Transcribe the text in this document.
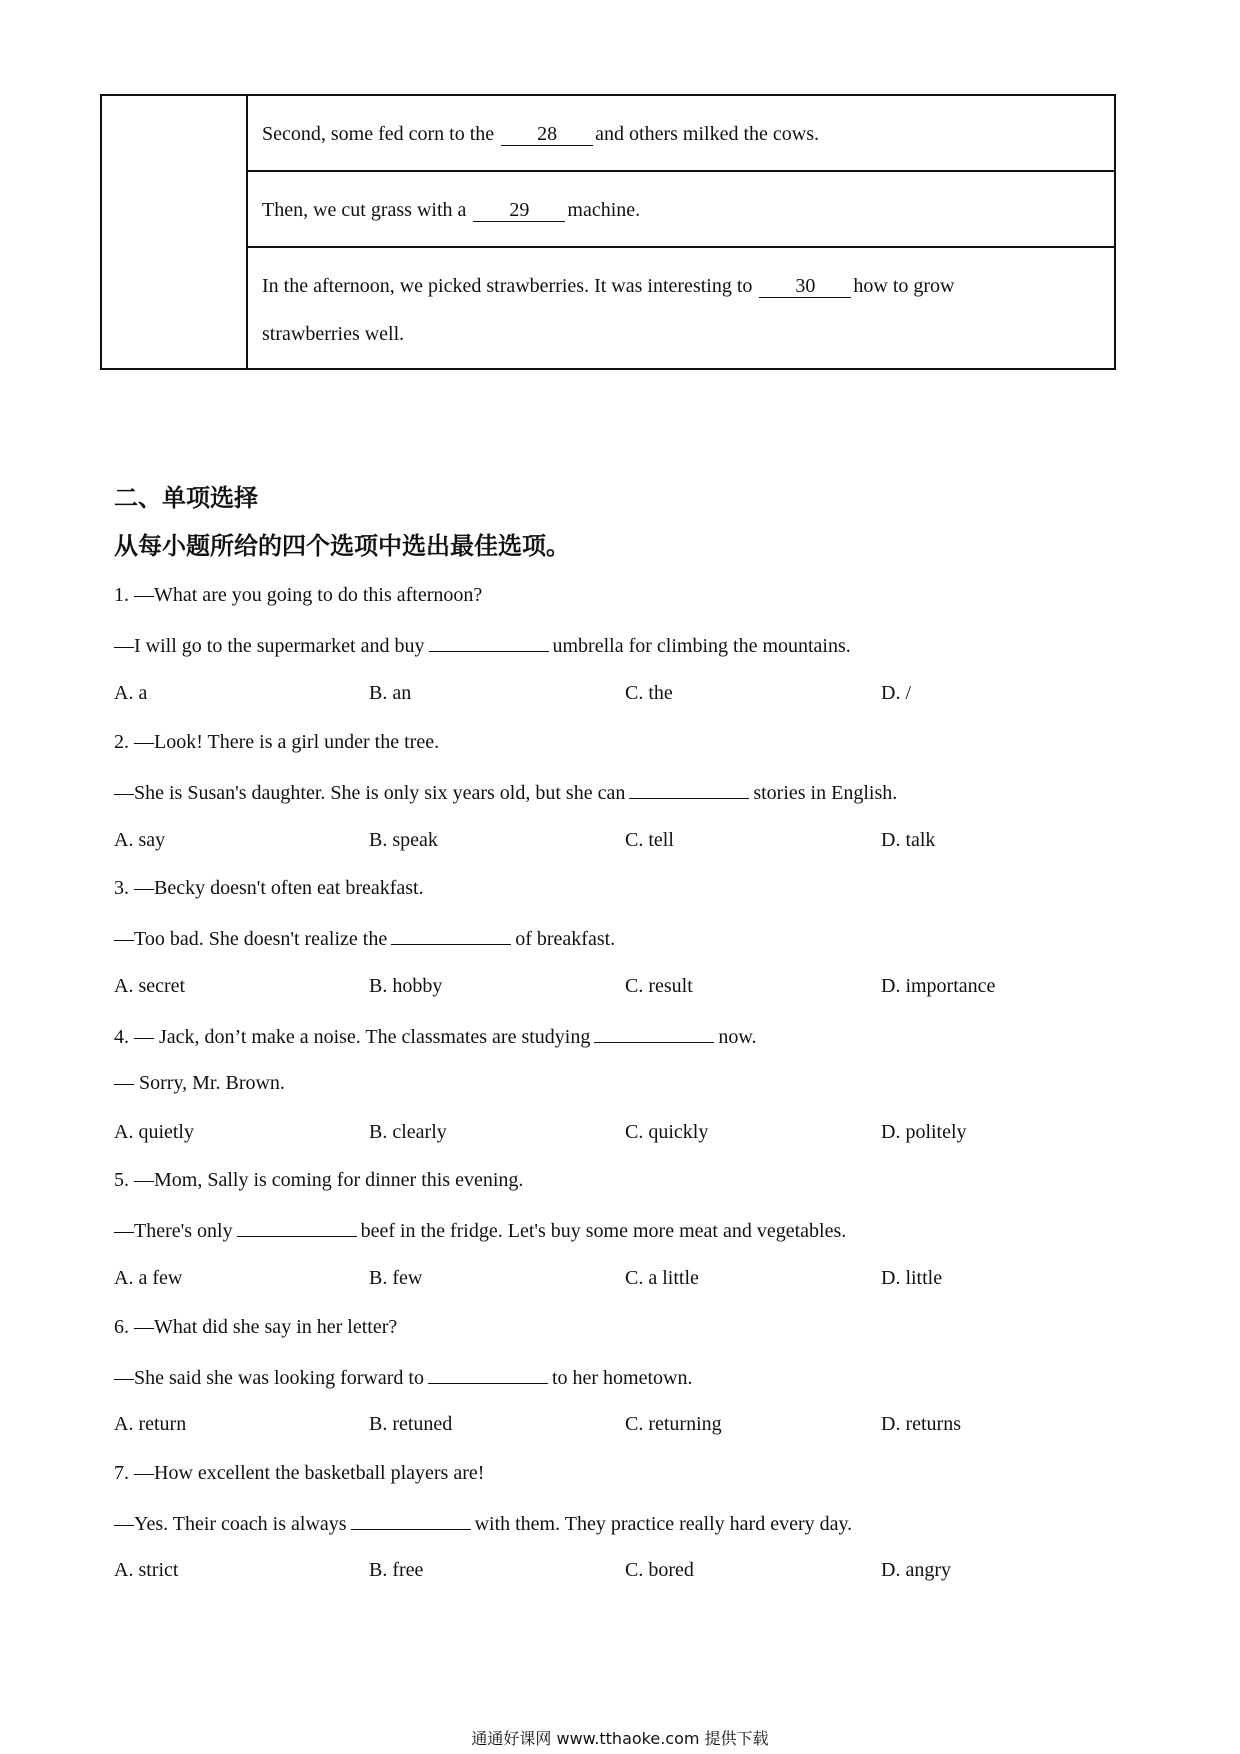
Second, some fed corn to the 28 and others milked the cows.
Then, we cut grass with a 29 machine.
In the afternoon, we picked strawberries. It was interesting to 30 how to grow
strawberries well.
二、单项选择
从每小题所给的四个选项中选出最佳选项。
1. —What are you going to do this afternoon?
—I will go to the supermarket and buy	umbrella for climbing the mountains.
A. a	B. an	C. the	D. /
2. —Look! There is a girl under the tree.
—She is Susan's daughter. She is only six years old, but she can	stories in English.
A. say	B. speak	C. tell	D. talk
3. —Becky doesn't often eat breakfast.
—Too bad. She doesn't realize the	of breakfast.
A. secret	B. hobby	C. result	D. importance
4. — Jack, don’t make a noise. The classmates are studying	now.
— Sorry, Mr. Brown.
A. quietly	B. clearly	C. quickly	D. politely
5. —Mom, Sally is coming for dinner this evening.
—There's only	beef in the fridge. Let's buy some more meat and vegetables.
A. a few	B. few	C. a little	D. little
6. —What did she say in her letter?
—She said she was looking forward to	to her hometown.
A. return	B. retuned	C. returning	D. returns
7. —How excellent the basketball players are!
—Yes. Their coach is always	with them. They practice really hard every day.
A. strict	B. free	C. bored	D. angry
通通好课网 www.tthaoke.com 提供下载
